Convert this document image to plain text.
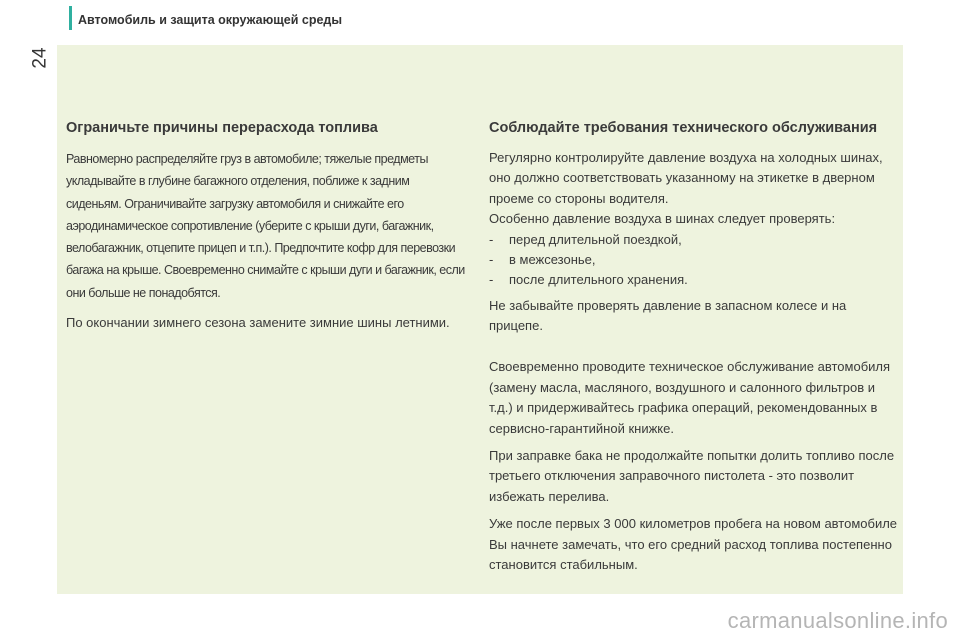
Автомобиль и защита окружающей среды
24
Ограничьте причины перерасхода топлива

Равномерно распределяйте груз в автомобиле; тяжелые предметы укладывайте в глубине багажного отделения, поближе к задним сиденьям. Ограничивайте загрузку автомобиля и снижайте его аэродинамическое сопротивление (уберите с крыши дуги, багажник, велобагажник, отцепите прицеп и т.п.). Предпочтите кофр для перевозки багажа на крыше. Своевременно снимайте с крыши дуги и багажник, если они больше не понадобятся.

По окончании зимнего сезона замените зимние шины летними.

Соблюдайте требования технического обслуживания

Регулярно контролируйте давление воздуха на холодных шинах, оно должно соответствовать указанному на этикетке в дверном проеме со стороны водителя.

Особенно давление воздуха в шинах следует проверять:

- перед длительной поездкой,
- в межсезонье,
- после длительного хранения.

Не забывайте проверять давление в запасном колесе и на прицепе.

Своевременно проводите техническое обслуживание автомобиля (замену масла, масляного, воздушного и салонного фильтров и т.д.) и придерживайтесь графика операций, рекомендованных в сервисно-гарантийной книжке.

При заправке бака не продолжайте попытки долить топливо после третьего отключения заправочного пистолета - это позволит избежать перелива.

Уже после первых 3 000 километров пробега на новом автомобиле Вы начнете замечать, что его средний расход топлива постепенно становится стабильным.

carmanualsonline.info
